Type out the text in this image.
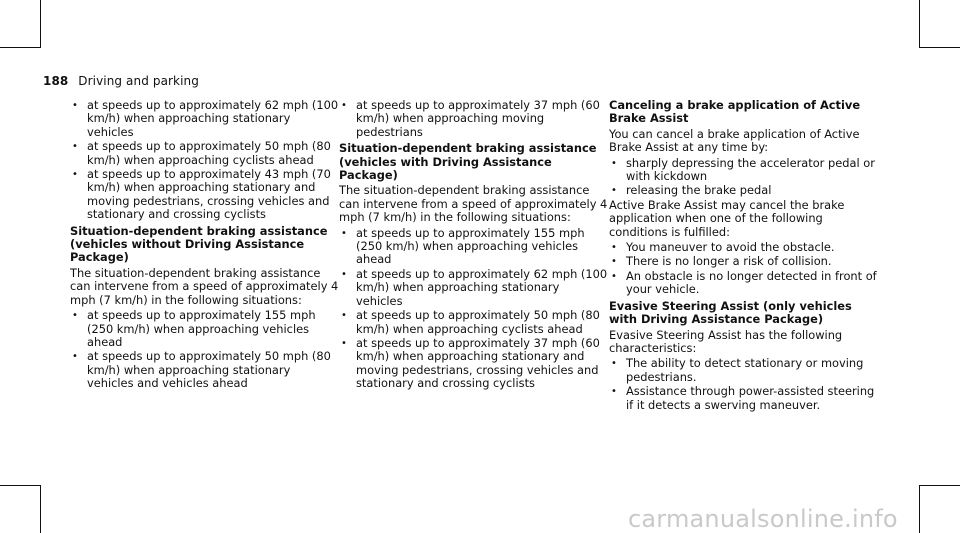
188 Driving and parking
• at speeds up to approximately 62 mph (100 km/h) when approaching stationary vehicles
• at speeds up to approximately 50 mph (80 km/h) when approaching cyclists ahead
• at speeds up to approximately 43 mph (70 km/h) when approaching stationary and moving pedestrians, crossing vehicles and stationary and crossing cyclists
Situation-dependent braking assistance (vehicles without Driving Assistance Package)
The situation-dependent braking assistance can intervene from a speed of approximately 4 mph (7 km/h) in the following situations:
• at speeds up to approximately 155 mph (250 km/h) when approaching vehicles ahead
• at speeds up to approximately 50 mph (80 km/h) when approaching stationary vehicles and vehicles ahead
• at speeds up to approximately 37 mph (60 km/h) when approaching moving pedestrians
Situation-dependent braking assistance (vehicles with Driving Assistance Package)
The situation-dependent braking assistance can intervene from a speed of approximately 4 mph (7 km/h) in the following situations:
• at speeds up to approximately 155 mph (250 km/h) when approaching vehicles ahead
• at speeds up to approximately 62 mph (100 km/h) when approaching stationary vehicles
• at speeds up to approximately 50 mph (80 km/h) when approaching cyclists ahead
• at speeds up to approximately 37 mph (60 km/h) when approaching stationary and moving pedestrians, crossing vehicles and stationary and crossing cyclists
Canceling a brake application of Active Brake Assist
You can cancel a brake application of Active Brake Assist at any time by:
• sharply depressing the accelerator pedal or with kickdown
• releasing the brake pedal
Active Brake Assist may cancel the brake application when one of the following conditions is fulfilled:
• You maneuver to avoid the obstacle.
• There is no longer a risk of collision.
• An obstacle is no longer detected in front of your vehicle.
Evasive Steering Assist (only vehicles with Driving Assistance Package)
Evasive Steering Assist has the following characteristics:
• The ability to detect stationary or moving pedestrians.
• Assistance through power-assisted steering if it detects a swerving maneuver.
carmanualsonline.info
